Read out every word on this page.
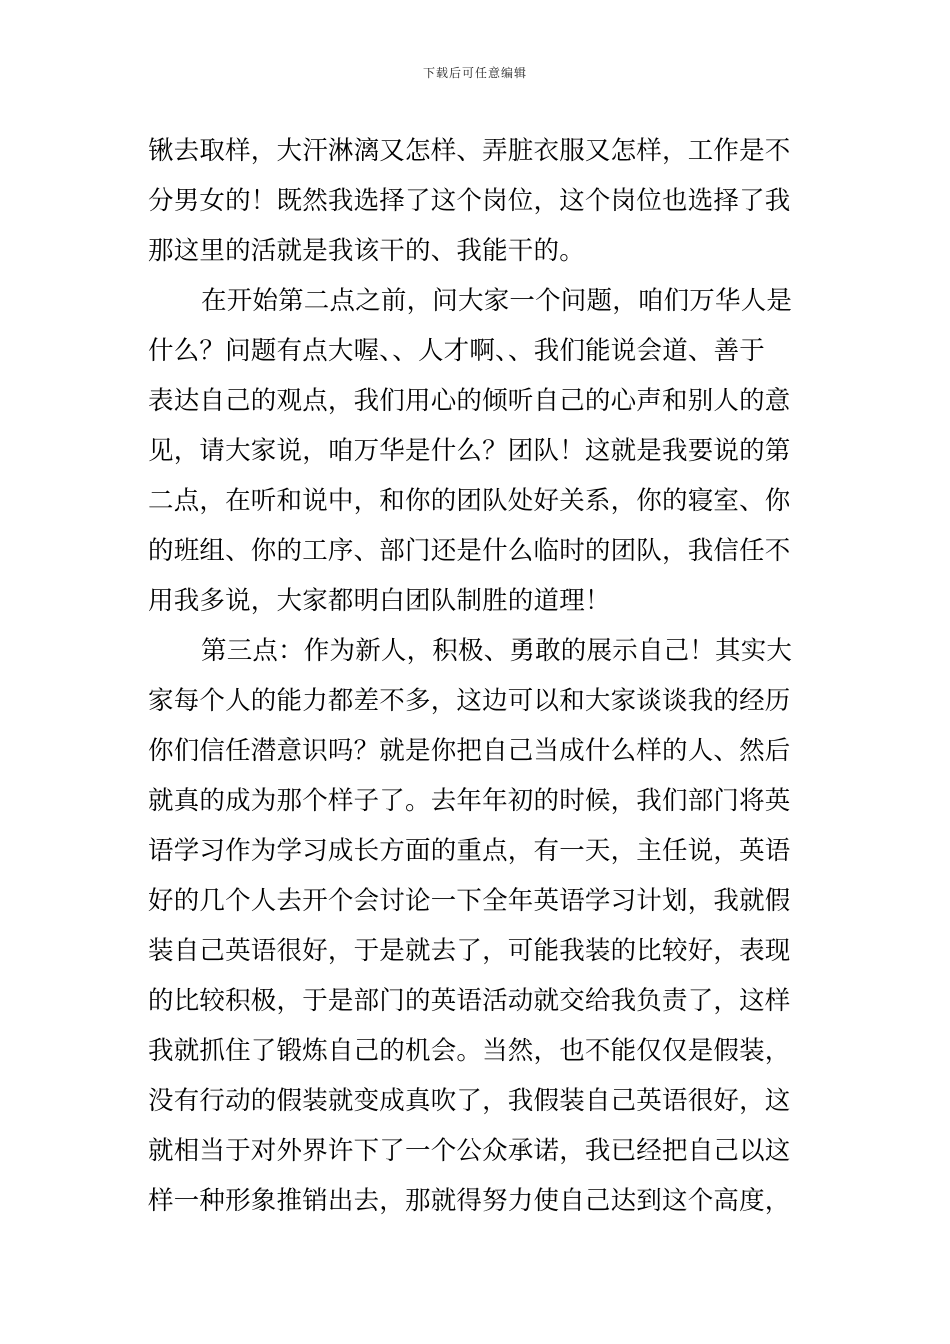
下载后可任意编辑
锹去取样，大汗淋漓又怎样、弄脏衣服又怎样，工作是不
分男女的！既然我选择了这个岗位，这个岗位也选择了我
那这里的活就是我该干的、我能干的。
在开始第二点之前，问大家一个问题，咱们万华人是
什么？问题有点大喔、、人才啊、、我们能说会道、善于
表达自己的观点，我们用心的倾听自己的心声和别人的意
见，请大家说，咱万华是什么？团队！这就是我要说的第
二点，在听和说中，和你的团队处好关系，你的寝室、你
的班组、你的工序、部门还是什么临时的团队，我信任不
用我多说，大家都明白团队制胜的道理！
第三点：作为新人，积极、勇敢的展示自己！其实大
家每个人的能力都差不多，这边可以和大家谈谈我的经历
你们信任潜意识吗？就是你把自己当成什么样的人、然后
就真的成为那个样子了。去年年初的时候，我们部门将英
语学习作为学习成长方面的重点，有一天，主任说，英语
好的几个人去开个会讨论一下全年英语学习计划，我就假
装自己英语很好，于是就去了，可能我装的比较好，表现
的比较积极，于是部门的英语活动就交给我负责了，这样
我就抓住了锻炼自己的机会。当然，也不能仅仅是假装，
没有行动的假装就变成真吹了，我假装自己英语很好，这
就相当于对外界许下了一个公众承诺，我已经把自己以这
样一种形象推销出去，那就得努力使自己达到这个高度，
